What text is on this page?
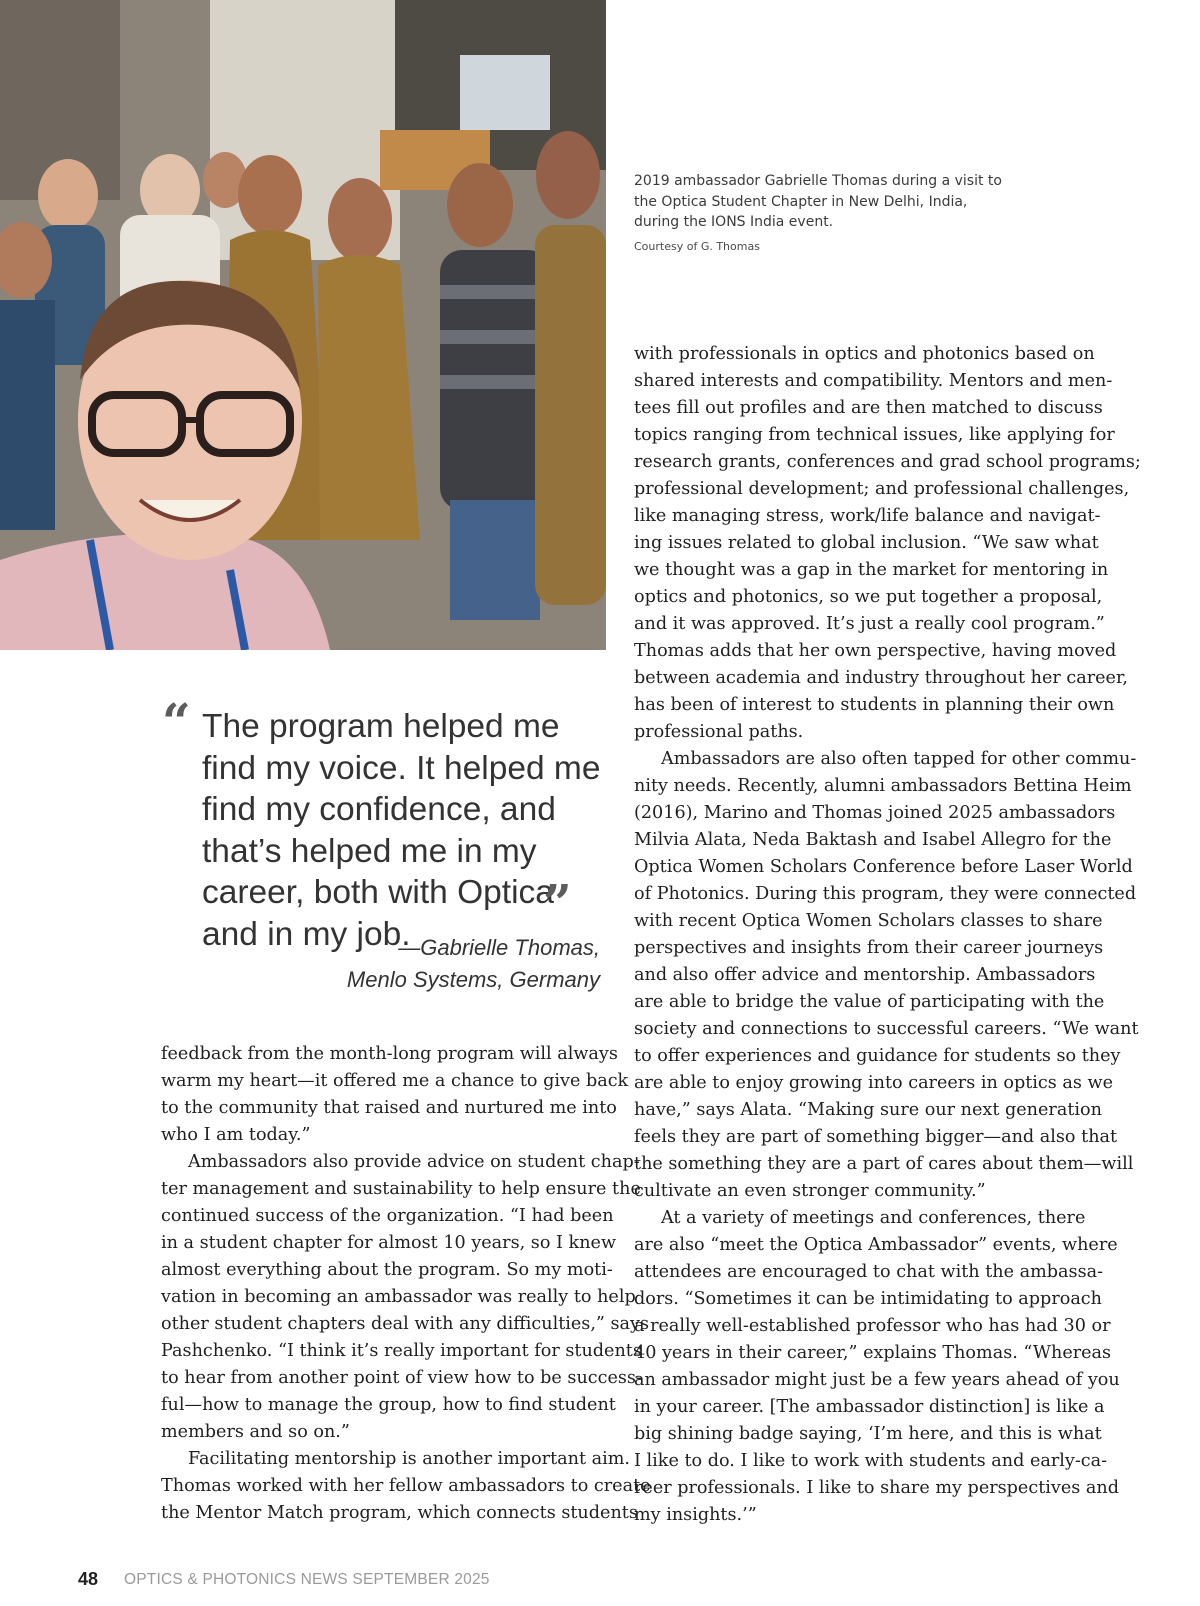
2019 ambassador Gabrielle Thomas during a visit to the Optica Student Chapter in New Delhi, India, during the IONS India event.
Courtesy of G. Thomas
“ The program helped me find my voice. It helped me find my confidence, and that’s helped me in my career, both with Optica and in my job.
”
—Gabrielle Thomas,
Menlo Systems, Germany
feedback from the month-long program will always
warm my heart—it offered me a chance to give back
to the community that raised and nurtured me into
who I am today.”
Ambassadors also provide advice on student chap-
ter management and sustainability to help ensure the
continued success of the organization. “I had been
in a student chapter for almost 10 years, so I knew
almost everything about the program. So my moti-
vation in becoming an ambassador was really to help
other student chapters deal with any difficulties,” says
Pashchenko. “I think it’s really important for students
to hear from another point of view how to be success-
ful—how to manage the group, how to find student
members and so on.”
Facilitating mentorship is another important aim.
Thomas worked with her fellow ambassadors to create
the Mentor Match program, which connects students
with professionals in optics and photonics based on
shared interests and compatibility. Mentors and men-
tees fill out profiles and are then matched to discuss
topics ranging from technical issues, like applying for
research grants, conferences and grad school programs;
professional development; and professional challenges,
like managing stress, work/life balance and navigat-
ing issues related to global inclusion. “We saw what
we thought was a gap in the market for mentoring in
optics and photonics, so we put together a proposal,
and it was approved. It’s just a really cool program.”
Thomas adds that her own perspective, having moved
between academia and industry throughout her career,
has been of interest to students in planning their own
professional paths.
Ambassadors are also often tapped for other commu-
nity needs. Recently, alumni ambassadors Bettina Heim
(2016), Marino and Thomas joined 2025 ambassadors
Milvia Alata, Neda Baktash and Isabel Allegro for the
Optica Women Scholars Conference before Laser World
of Photonics. During this program, they were connected
with recent Optica Women Scholars classes to share
perspectives and insights from their career journeys
and also offer advice and mentorship. Ambassadors
are able to bridge the value of participating with the
society and connections to successful careers. “We want
to offer experiences and guidance for students so they
are able to enjoy growing into careers in optics as we
have,” says Alata. “Making sure our next generation
feels they are part of something bigger—and also that
the something they are a part of cares about them—will
cultivate an even stronger community.”
At a variety of meetings and conferences, there
are also “meet the Optica Ambassador” events, where
attendees are encouraged to chat with the ambassa-
dors. “Sometimes it can be intimidating to approach
a really well-established professor who has had 30 or
40 years in their career,” explains Thomas. “Whereas
an ambassador might just be a few years ahead of you
in your career. [The ambassador distinction] is like a
big shining badge saying, ‘I’m here, and this is what
I like to do. I like to work with students and early-ca-
reer professionals. I like to share my perspectives and
my insights.’”
48 OPTICS & PHOTONICS NEWS SEPTEMBER 2025
